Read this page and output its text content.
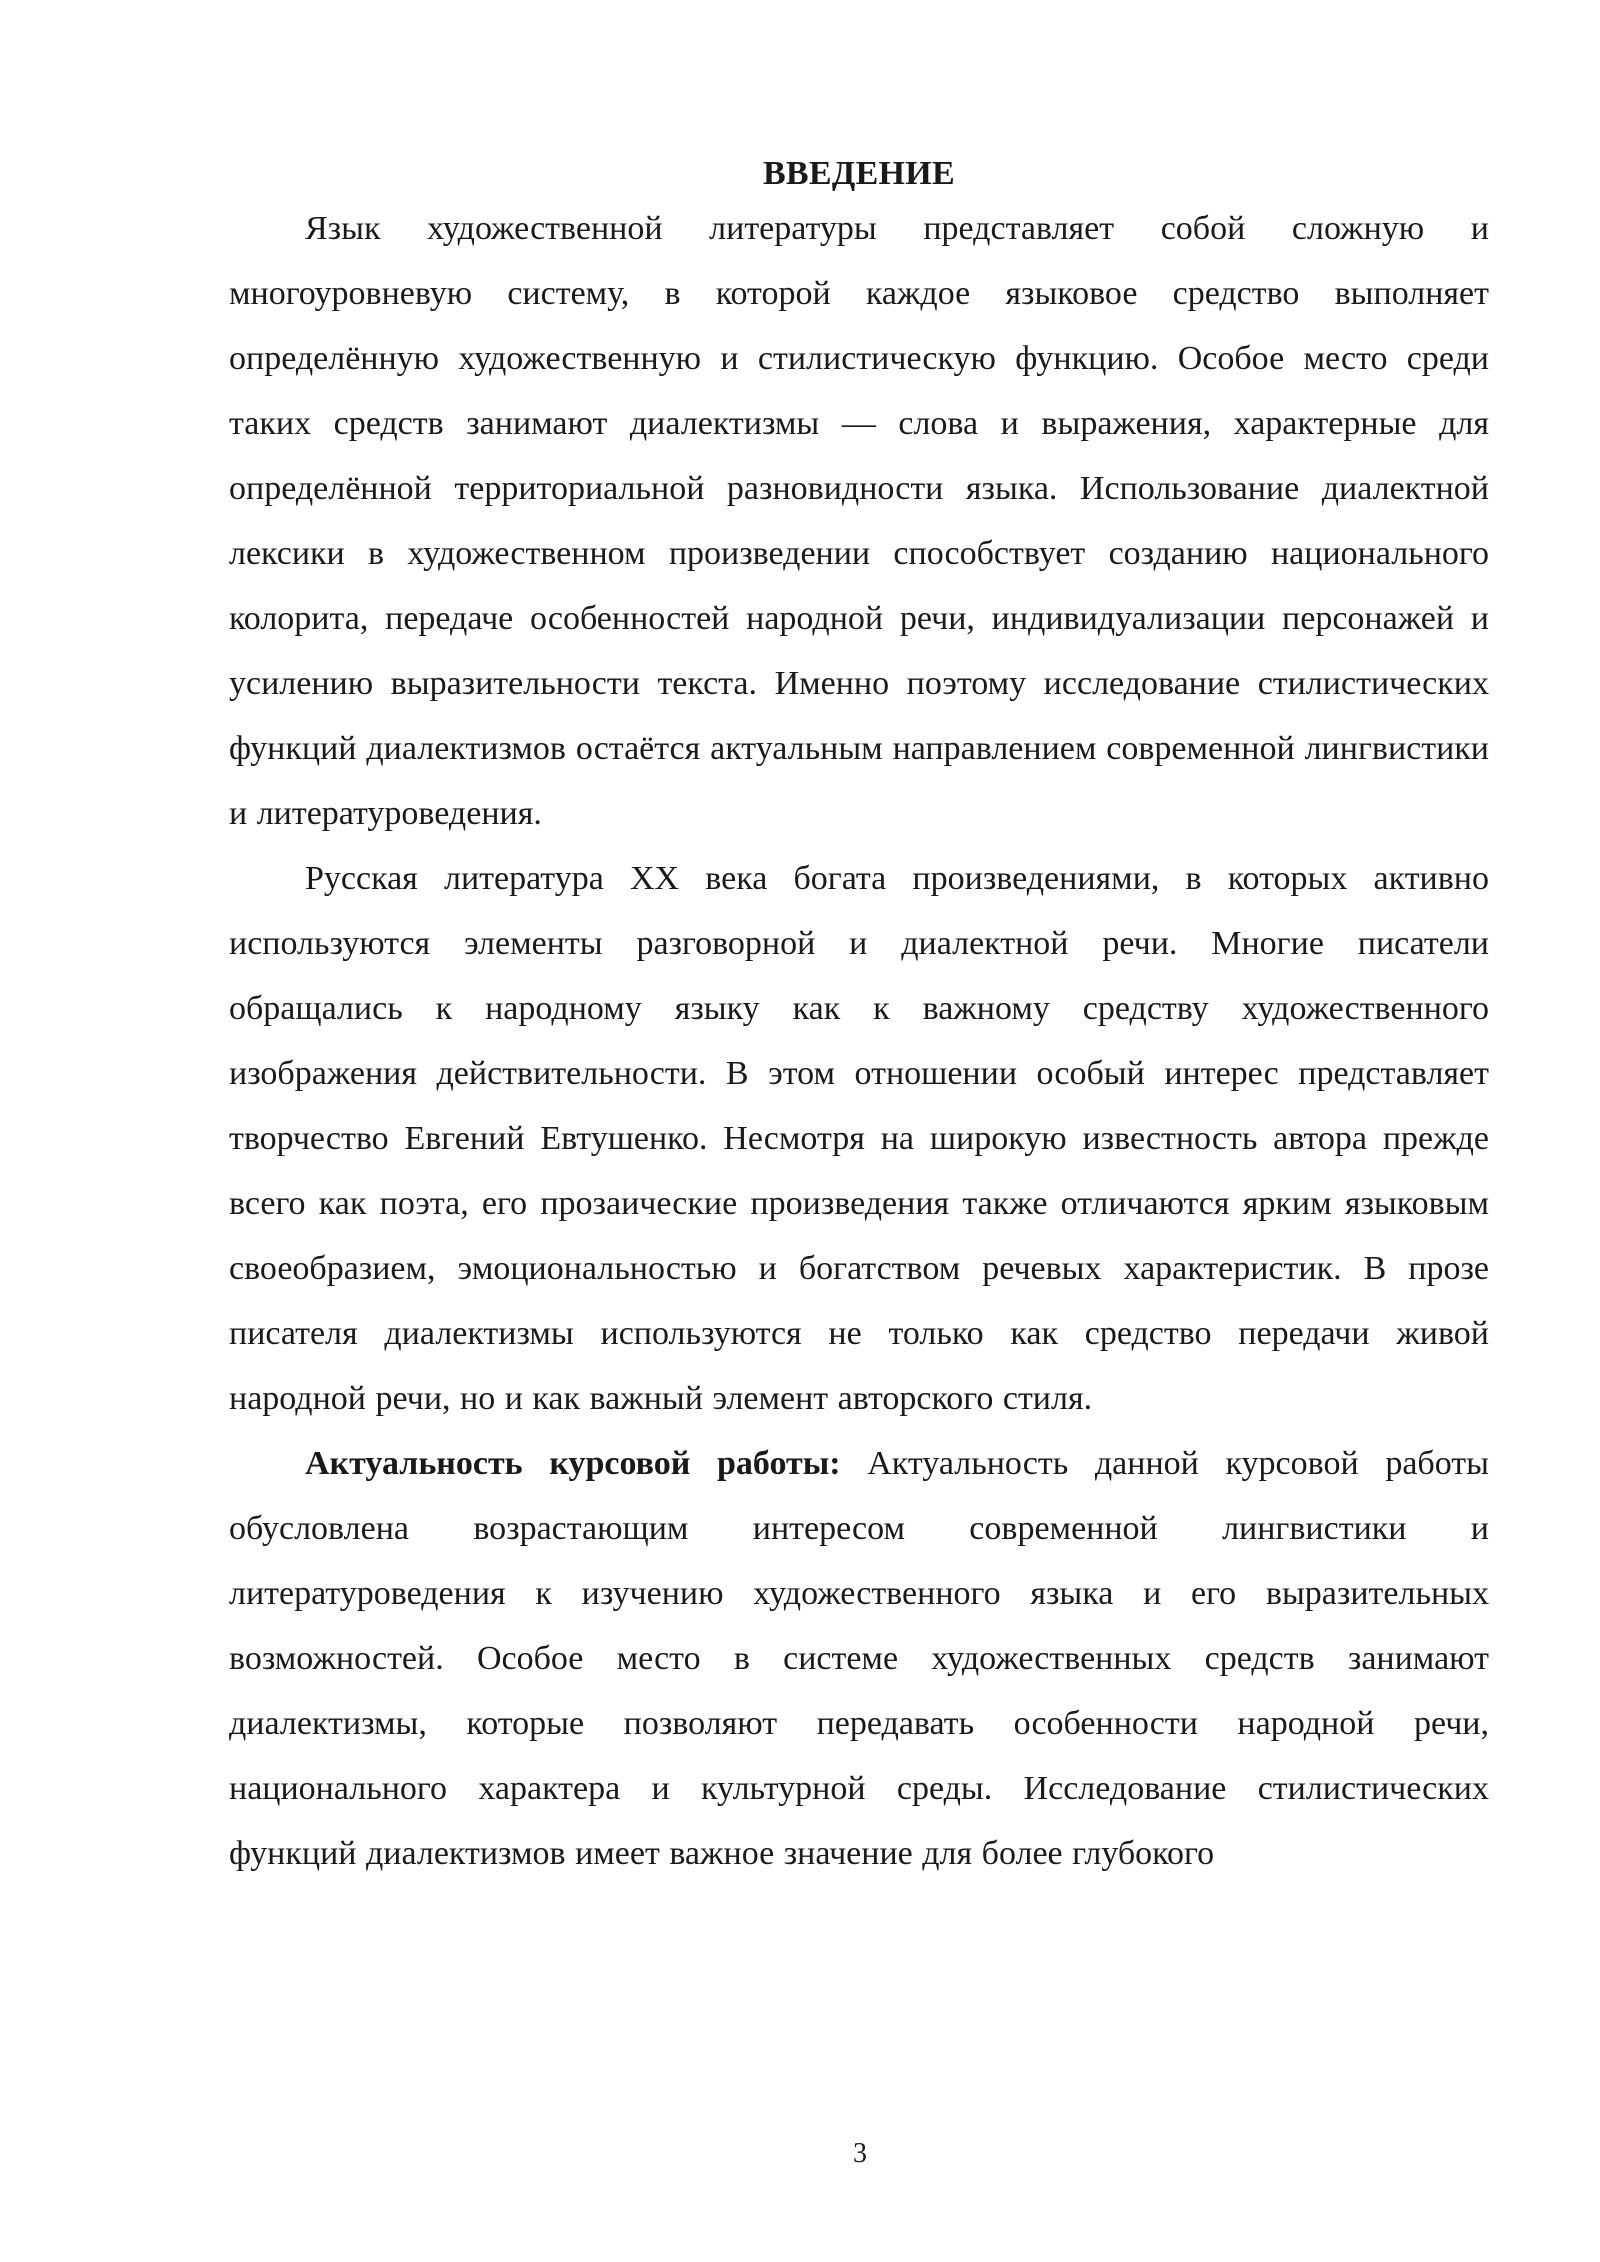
ВВЕДЕНИЕ

Язык художественной литературы представляет собой сложную и многоуровневую систему, в которой каждое языковое средство выполняет определённую художественную и стилистическую функцию. Особое место среди таких средств занимают диалектизмы — слова и выражения, характерные для определённой территориальной разновидности языка. Использование диалектной лексики в художественном произведении способствует созданию национального колорита, передаче особенностей народной речи, индивидуализации персонажей и усилению выразительности текста. Именно поэтому исследование стилистических функций диалектизмов остаётся актуальным направлением современной лингвистики и литературоведения.

Русская литература XX века богата произведениями, в которых активно используются элементы разговорной и диалектной речи. Многие писатели обращались к народному языку как к важному средству художественного изображения действительности. В этом отношении особый интерес представляет творчество Евгений Евтушенко. Несмотря на широкую известность автора прежде всего как поэта, его прозаические произведения также отличаются ярким языковым своеобразием, эмоциональностью и богатством речевых характеристик. В прозе писателя диалектизмы используются не только как средство передачи живой народной речи, но и как важный элемент авторского стиля.

Актуальность курсовой работы: Актуальность данной курсовой работы обусловлена возрастающим интересом современной лингвистики и литературоведения к изучению художественного языка и его выразительных возможностей. Особое место в системе художественных средств занимают диалектизмы, которые позволяют передавать особенности народной речи, национального характера и культурной среды. Исследование стилистических функций диалектизмов имеет важное значение для более глубокого

3
